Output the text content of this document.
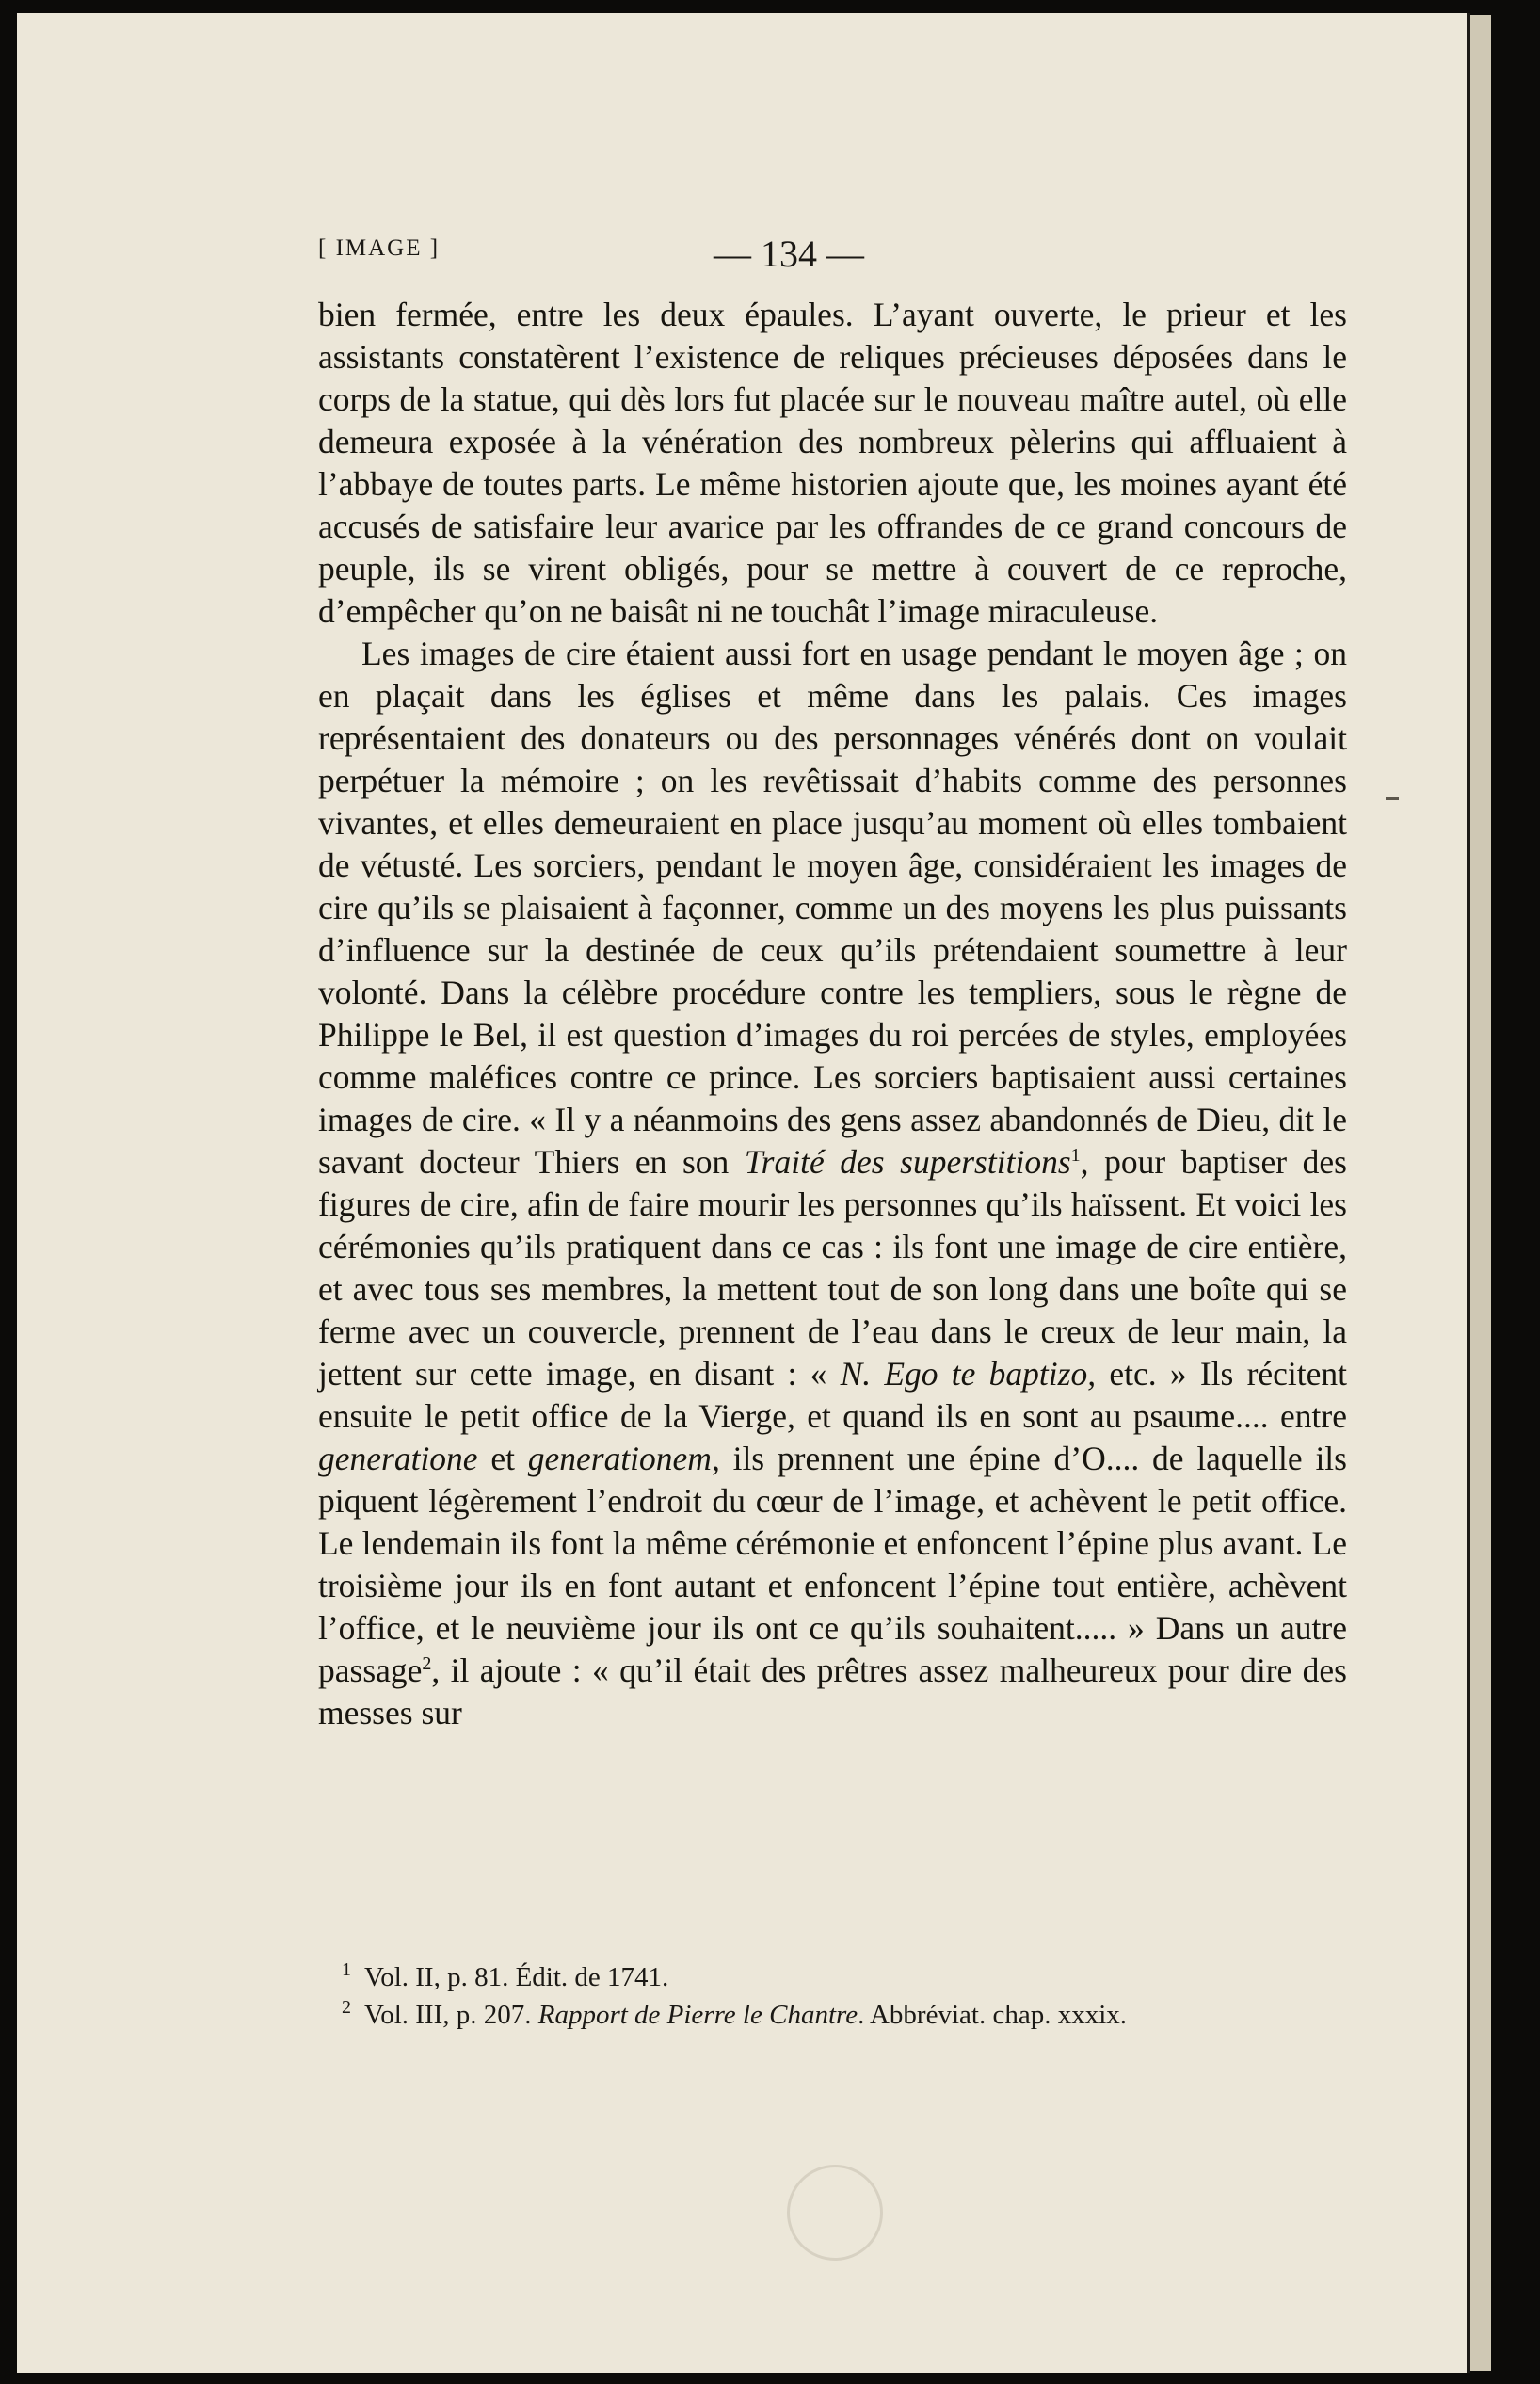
[ IMAGE ]	— 134 —

bien fermée, entre les deux épaules. L’ayant ouverte, le prieur et les assistants constatèrent l’existence de reliques précieuses déposées dans le corps de la statue, qui dès lors fut placée sur le nouveau maître autel, où elle demeura exposée à la vénération des nombreux pèlerins qui affluaient à l’abbaye de toutes parts. Le même historien ajoute que, les moines ayant été accusés de satisfaire leur avarice par les offrandes de ce grand concours de peuple, ils se virent obligés, pour se mettre à couvert de ce reproche, d’empêcher qu’on ne baisât ni ne touchât l’image miraculeuse.

Les images de cire étaient aussi fort en usage pendant le moyen âge ; on en plaçait dans les églises et même dans les palais. Ces images représentaient des donateurs ou des personnages vénérés dont on voulait perpétuer la mémoire ; on les revêtissait d’habits comme des personnes vivantes, et elles demeuraient en place jusqu’au moment où elles tombaient de vétusté. Les sorciers, pendant le moyen âge, considéraient les images de cire qu’ils se plaisaient à façonner, comme un des moyens les plus puissants d’influence sur la destinée de ceux qu’ils prétendaient soumettre à leur volonté. Dans la célèbre procédure contre les templiers, sous le règne de Philippe le Bel, il est question d’images du roi percées de styles, employées comme maléfices contre ce prince. Les sorciers baptisaient aussi certaines images de cire. « Il y a néanmoins des gens assez abandonnés de Dieu, dit le savant docteur Thiers en son Traité des superstitions$^1$, pour baptiser des figures de cire, afin de faire mourir les personnes qu’ils haïssent. Et voici les cérémonies qu’ils pratiquent dans ce cas : ils font une image de cire entière, et avec tous ses membres, la mettent tout de son long dans une boîte qui se ferme avec un couvercle, prennent de l’eau dans le creux de leur main, la jettent sur cette image, en disant : « N. Ego te baptizo, etc. » Ils récitent ensuite le petit office de la Vierge, et quand ils en sont au psaume.... entre generatione et generationem, ils prennent une épine d’O.... de laquelle ils piquent légèrement l’endroit du cœur de l’image, et achèvent le petit office. Le lendemain ils font la même cérémonie et enfoncent l’épine plus avant. Le troisième jour ils en font autant et enfoncent l’épine tout entière, achèvent l’office, et le neuvième jour ils ont ce qu’ils souhaitent..... » Dans un autre passage$^2$, il ajoute : « qu’il était des prêtres assez malheureux pour dire des messes sur

$^1$ Vol. II, p. 81. Édit. de 1741.
$^2$ Vol. III, p. 207. Rapport de Pierre le Chantre. Abbréviat. chap. xxxix.
